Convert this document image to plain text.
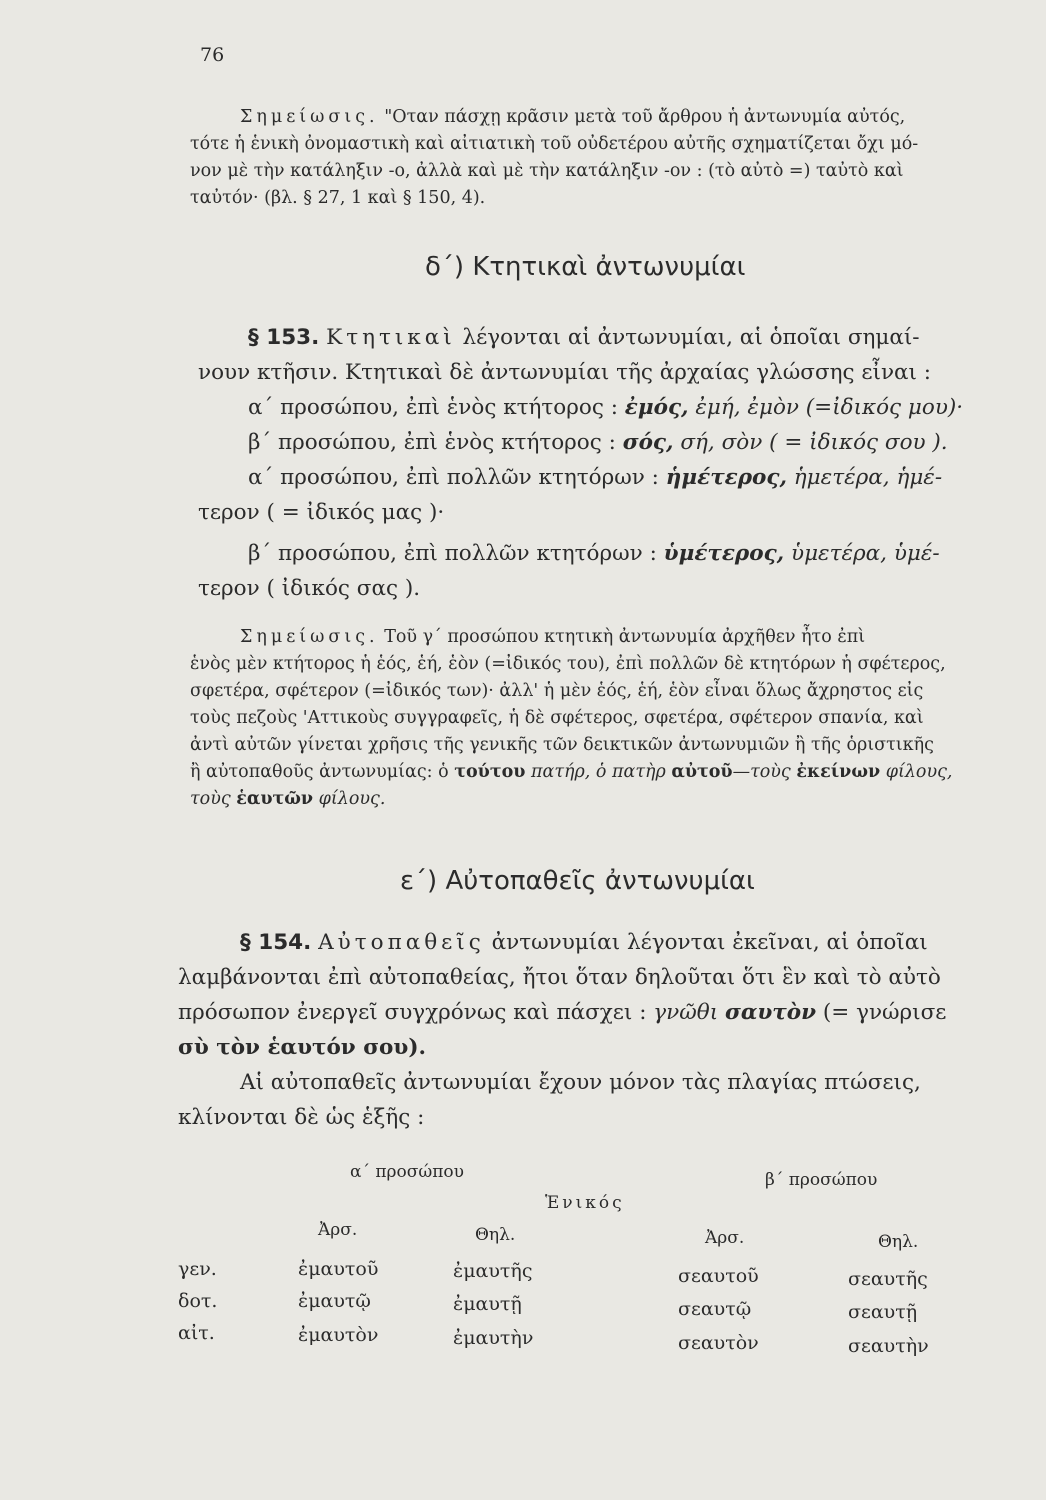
76

Σημείωσις. "Οταν πάσχῃ κρᾶσιν μετὰ τοῦ ἄρθρου ἡ ἀντωνυμία αὐτός,

τότε ἡ ἑνικὴ ὀνομαστικὴ καὶ αἰτιατικὴ τοῦ οὐδετέρου αὐτῆς σχηματίζεται ὄχι μό-

νον μὲ τὴν κατάληξιν -ο, ἀλλὰ καὶ μὲ τὴν κατάληξιν -ον : (τὸ αὐτὸ =) ταὐτὸ καὶ

ταὐτόν· (βλ. § 27, 1 καὶ § 150, 4).

δ΄) Κτητικαὶ ἀντωνυμίαι

§ 153. Κτητικαὶ λέγονται αἱ ἀντωνυμίαι, αἱ ὁποῖαι σημαί-

νουν κτῆσιν. Κτητικαὶ δὲ ἀντωνυμίαι τῆς ἀρχαίας γλώσσης εἶναι :

α΄ προσώπου, ἐπὶ ἑνὸς κτήτορος : ἐμός, ἐμή, ἐμὸν (=ἰδικός μου)·

β΄ προσώπου, ἐπὶ ἑνὸς κτήτορος : σός, σή, σὸν ( = ἰδικός σου ).

α΄ προσώπου, ἐπὶ πολλῶν κτητόρων : ἡμέτερος, ἡμετέρα, ἡμέ-

τερον ( = ἰδικός μας )·

β΄ προσώπου, ἐπὶ πολλῶν κτητόρων : ὑμέτερος, ὑμετέρα, ὑμέ-

τερον ( ἰδικός σας ).

Σημείωσις. Τοῦ γ΄ προσώπου κτητικὴ ἀντωνυμία ἀρχῆθεν ἦτο ἐπὶ

ἑνὸς μὲν κτήτορος ἡ ἑός, ἑή, ἑὸν (=ἰδικός του), ἐπὶ πολλῶν δὲ κτητόρων ἡ σφέτερος,

σφετέρα, σφέτερον (=ἰδικός των)· ἀλλ' ἡ μὲν ἑός, ἑή, ἑὸν εἶναι ὅλως ἄχρηστος εἰς

τοὺς πεζοὺς 'Αττικοὺς συγγραφεῖς, ἡ δὲ σφέτερος, σφετέρα, σφέτερον σπανία, καὶ

ἀντὶ αὐτῶν γίνεται χρῆσις τῆς γενικῆς τῶν δεικτικῶν ἀντωνυμιῶν ἢ τῆς ὁριστικῆς

ἢ αὐτοπαθοῦς ἀντωνυμίας: ὁ τούτου πατήρ, ὁ πατὴρ αὐτοῦ—τοὺς ἐκείνων φίλους,

τοὺς ἑαυτῶν φίλους.

ε΄) Αὐτοπαθεῖς ἀντωνυμίαι

§ 154. Αὐτοπαθεῖς ἀντωνυμίαι λέγονται ἐκεῖναι, αἱ ὁποῖαι

λαμβάνονται ἐπὶ αὐτοπαθείας, ἤτοι ὅταν δηλοῦται ὅτι ἓν καὶ τὸ αὐτὸ

πρόσωπον ἐνεργεῖ συγχρόνως καὶ πάσχει : γνῶθι σαυτὸν (= γνώρισε

σὺ τὸν ἑαυτόν σου).

Αἱ αὐτοπαθεῖς ἀντωνυμίαι ἔχουν μόνον τὰς πλαγίας πτώσεις,

κλίνονται δὲ ὡς ἑξῆς :

α΄ προσώπου
Ἑνικός
β΄ προσώπου
Ἀρσ.	Θηλ.	Ἀρσ.	Θηλ.
γεν.	ἐμαυτοῦ	ἐμαυτῆς	σεαυτοῦ	σεαυτῆς
δοτ.	ἐμαυτῷ	ἐμαυτῇ	σεαυτῷ	σεαυτῇ
αἰτ.	ἐμαυτὸν	ἐμαυτὴν	σεαυτὸν	σεαυτὴν
